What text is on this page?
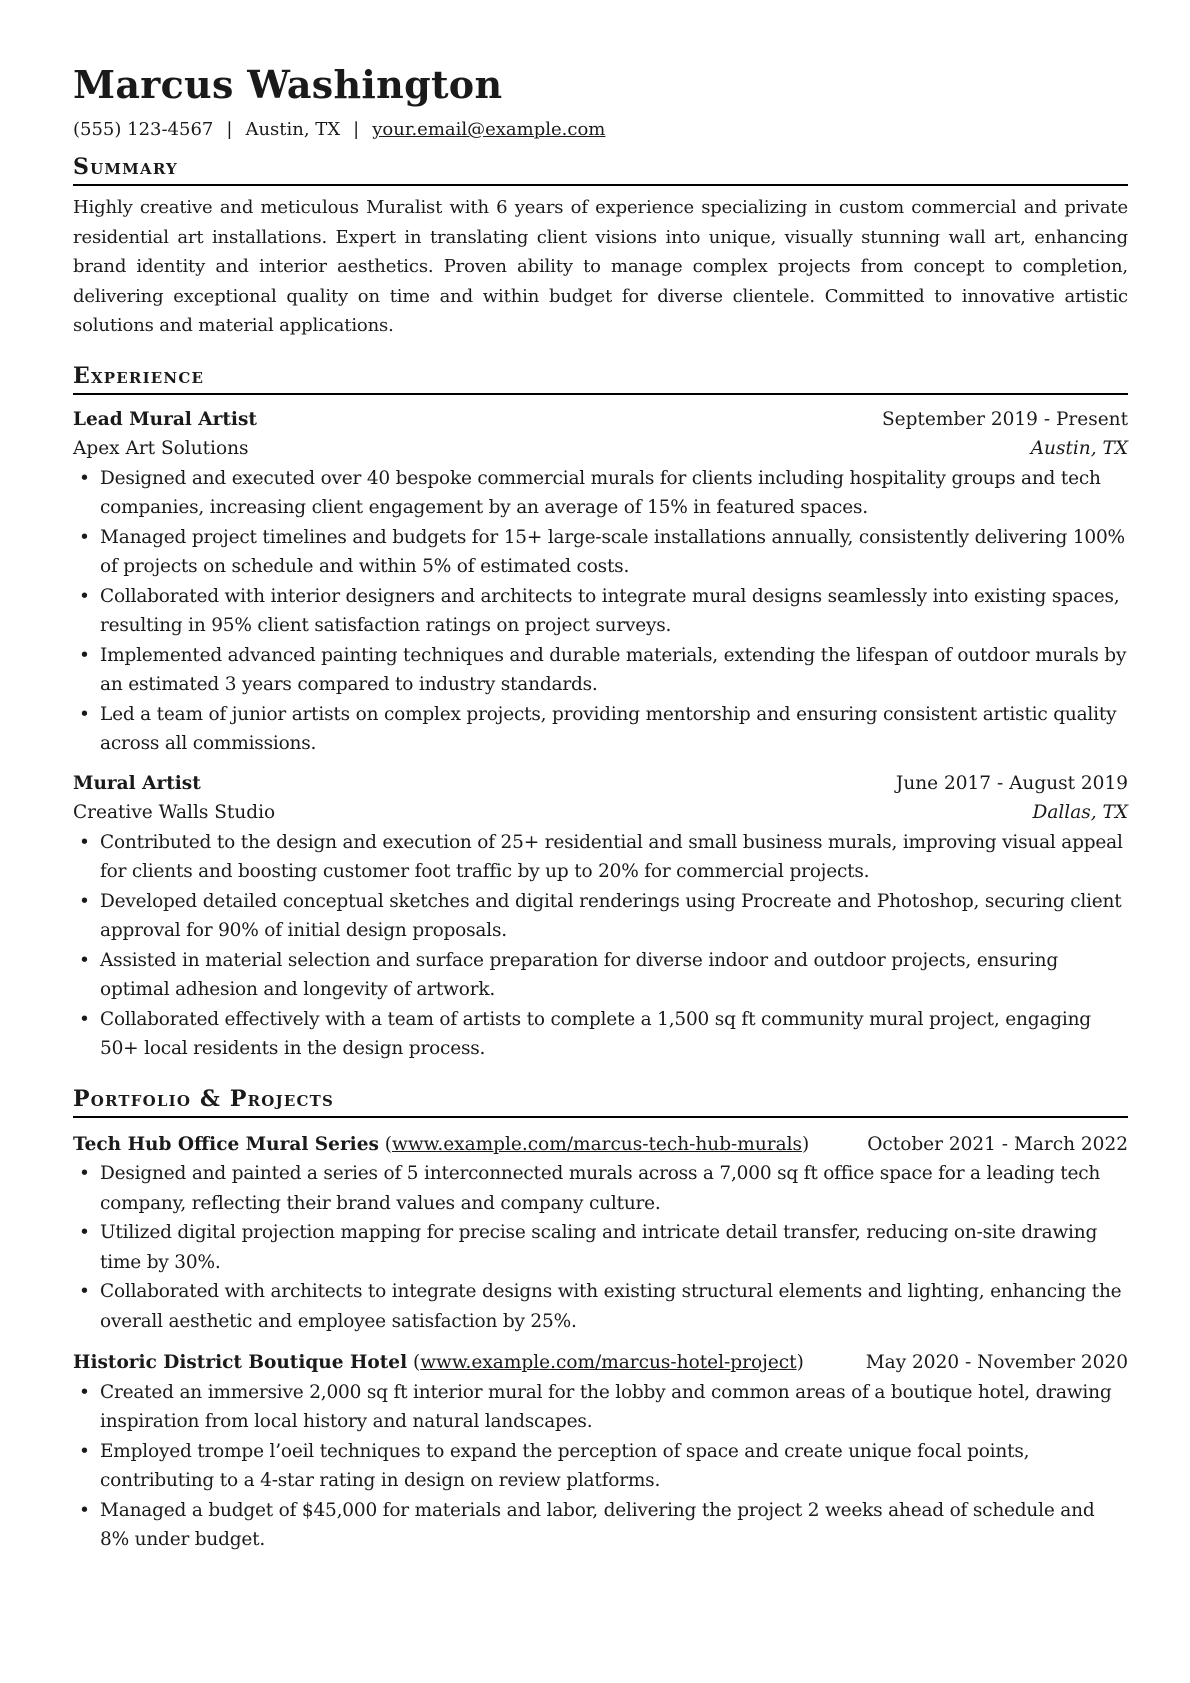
Marcus Washington
(555) 123-4567 | Austin, TX | your.email@example.com
Summary
Highly creative and meticulous Muralist with 6 years of experience specializing in custom commercial and private residential art installations. Expert in translating client visions into unique, visually stunning wall art, enhancing brand identity and interior aesthetics. Proven ability to manage complex projects from concept to completion, delivering exceptional quality on time and within budget for diverse clientele. Committed to innovative artistic solutions and material applications.
Experience
Lead Mural Artist	September 2019 - Present
Apex Art Solutions	Austin, TX
• Designed and executed over 40 bespoke commercial murals for clients including hospitality groups and tech companies, increasing client engagement by an average of 15% in featured spaces.
• Managed project timelines and budgets for 15+ large-scale installations annually, consistently delivering 100% of projects on schedule and within 5% of estimated costs.
• Collaborated with interior designers and architects to integrate mural designs seamlessly into existing spaces, resulting in 95% client satisfaction ratings on project surveys.
• Implemented advanced painting techniques and durable materials, extending the lifespan of outdoor murals by an estimated 3 years compared to industry standards.
• Led a team of junior artists on complex projects, providing mentorship and ensuring consistent artistic quality across all commissions.
Mural Artist	June 2017 - August 2019
Creative Walls Studio	Dallas, TX
• Contributed to the design and execution of 25+ residential and small business murals, improving visual appeal for clients and boosting customer foot traffic by up to 20% for commercial projects.
• Developed detailed conceptual sketches and digital renderings using Procreate and Photoshop, securing client approval for 90% of initial design proposals.
• Assisted in material selection and surface preparation for diverse indoor and outdoor projects, ensuring optimal adhesion and longevity of artwork.
• Collaborated effectively with a team of artists to complete a 1,500 sq ft community mural project, engaging 50+ local residents in the design process.
Portfolio & Projects
Tech Hub Office Mural Series (www.example.com/marcus-tech-hub-murals)	October 2021 - March 2022
• Designed and painted a series of 5 interconnected murals across a 7,000 sq ft office space for a leading tech company, reflecting their brand values and company culture.
• Utilized digital projection mapping for precise scaling and intricate detail transfer, reducing on-site drawing time by 30%.
• Collaborated with architects to integrate designs with existing structural elements and lighting, enhancing the overall aesthetic and employee satisfaction by 25%.
Historic District Boutique Hotel (www.example.com/marcus-hotel-project)	May 2020 - November 2020
• Created an immersive 2,000 sq ft interior mural for the lobby and common areas of a boutique hotel, drawing inspiration from local history and natural landscapes.
• Employed trompe l’oeil techniques to expand the perception of space and create unique focal points, contributing to a 4-star rating in design on review platforms.
• Managed a budget of $45,000 for materials and labor, delivering the project 2 weeks ahead of schedule and 8% under budget.
